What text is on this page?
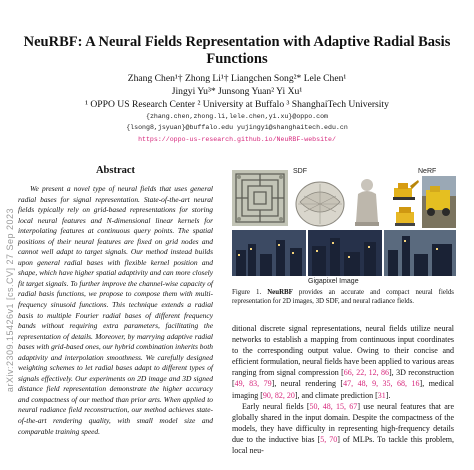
NeuRBF: A Neural Fields Representation with Adaptive Radial Basis Functions
Zhang Chen¹† Zhong Li¹† Liangchen Song²* Lele Chen¹
Jingyi Yu³* Junsong Yuan² Yi Xu¹
¹ OPPO US Research Center ² University at Buffalo ³ ShanghaiTech University
{zhang.chen,zhong.li,lele.chen,yi.xu}@oppo.com
{lsong8,jsyuan}@buffalo.edu yujingyi@shanghaitech.edu.cn
https://oppo-us-research.github.io/NeuRBF-website/
arXiv:2309.15426v1 [cs.CV] 27 Sep 2023
Abstract

We present a novel type of neural fields that uses general radial bases for signal representation. State-of-the-art neural fields typically rely on grid-based representations for storing local neural features and N-dimensional linear kernels for interpolating features at continuous query points. The spatial positions of their neural features are fixed on grid nodes and cannot well adapt to target signals. Our method instead builds upon general radial bases with flexible kernel position and shape, which have higher spatial adaptivity and can more closely fit target signals. To further improve the channel-wise capacity of radial basis functions, we propose to compose them with multi-frequency sinusoid functions. This technique extends a radial basis to multiple Fourier radial bases of different frequency bands without requiring extra parameters, facilitating the representation of details. Moreover, by marrying adaptive radial bases with grid-based ones, our hybrid combination inherits both adaptivity and interpolation smoothness. We carefully designed weighting schemes to let radial bases adapt to different types of signals effectively. Our experiments on 2D image and 3D signed distance field representation demonstrate the higher accuracy and compactness of our method than prior arts. When applied to neural radiance field reconstruction, our method achieves state-of-the-art rendering quality, with small model size and comparable training speed.

SDF	NeRF
Gigapixel Image
Figure 1. NeuRBF provides an accurate and compact neural fields representation for 2D images, 3D SDF, and neural radiance fields.

ditional discrete signal representations, neural fields utilize neural networks to establish a mapping from continuous input coordinates to the corresponding output value. Owing to their concise and efficient formulation, neural fields have been applied to various areas ranging from signal compression [66, 22, 12, 86], 3D reconstruction [49, 83, 79], neural rendering [47, 48, 9, 35, 68, 16], medical imaging [90, 82, 20], and climate prediction [31].

Early neural fields [50, 48, 15, 67] use neural features that are globally shared in the input domain. Despite the compactness of the models, they have difficulty in representing high-frequency details due to the inductive bias [5, 70] of MLPs. To tackle this problem, local neu-
